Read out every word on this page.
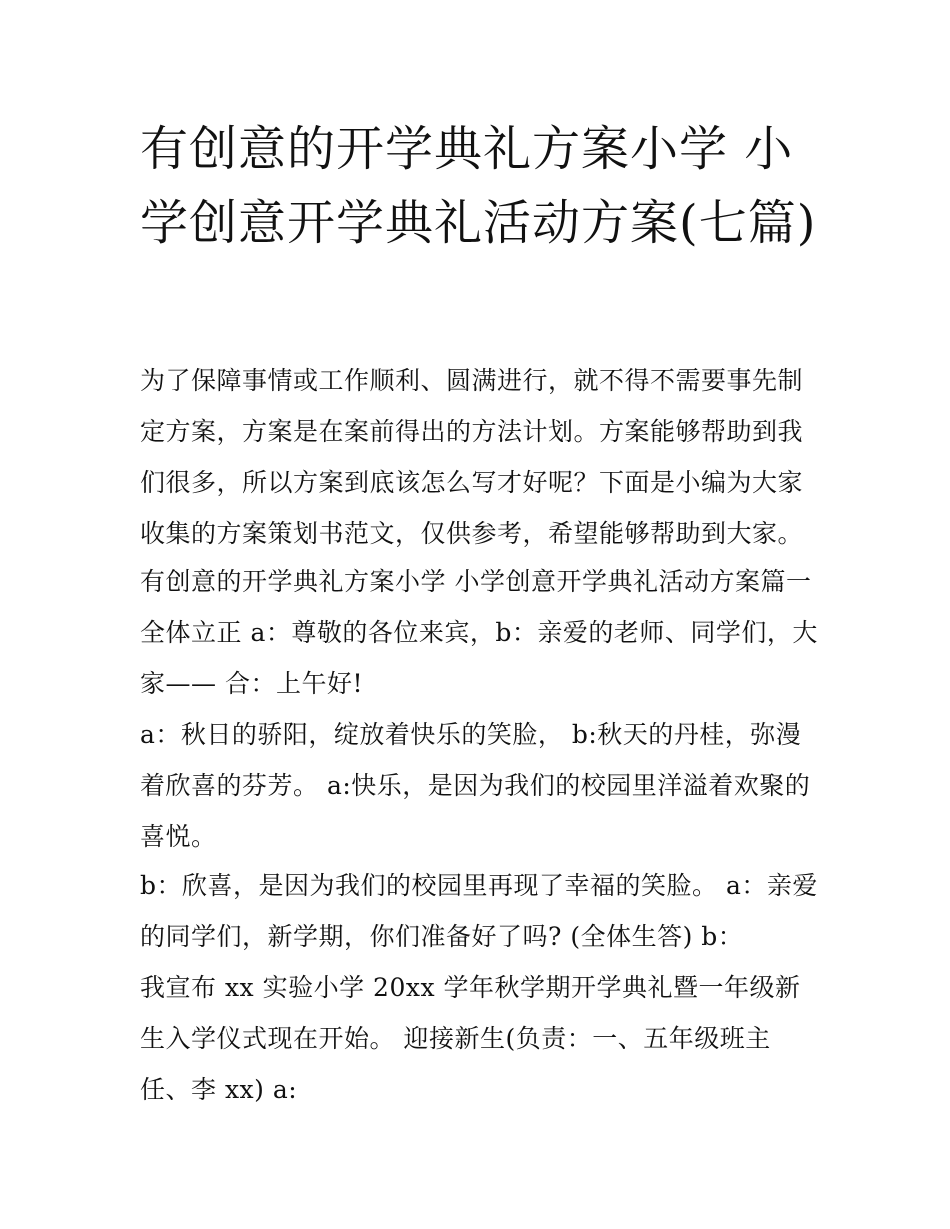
有创意的开学典礼方案小学 小学创意开学典礼活动方案(七篇)

为了保障事情或工作顺利、圆满进行，就不得不需要事先制定方案，方案是在案前得出的方法计划。方案能够帮助到我们很多，所以方案到底该怎么写才好呢？下面是小编为大家收集的方案策划书范文，仅供参考，希望能够帮助到大家。

有创意的开学典礼方案小学 小学创意开学典礼活动方案篇一全体立正 a：尊敬的各位来宾，b：亲爱的老师、同学们，大家—— 合：上午好!

a：秋日的骄阳，绽放着快乐的笑脸， b:秋天的丹桂，弥漫着欣喜的芬芳。 a:快乐，是因为我们的校园里洋溢着欢聚的喜悦。

b：欣喜，是因为我们的校园里再现了幸福的笑脸。 a：亲爱的同学们，新学期，你们准备好了吗? (全体生答) b：

我宣布 xx 实验小学 20xx 学年秋学期开学典礼暨一年级新生入学仪式现在开始。 迎接新生(负责：一、五年级班主任、李 xx) a:
